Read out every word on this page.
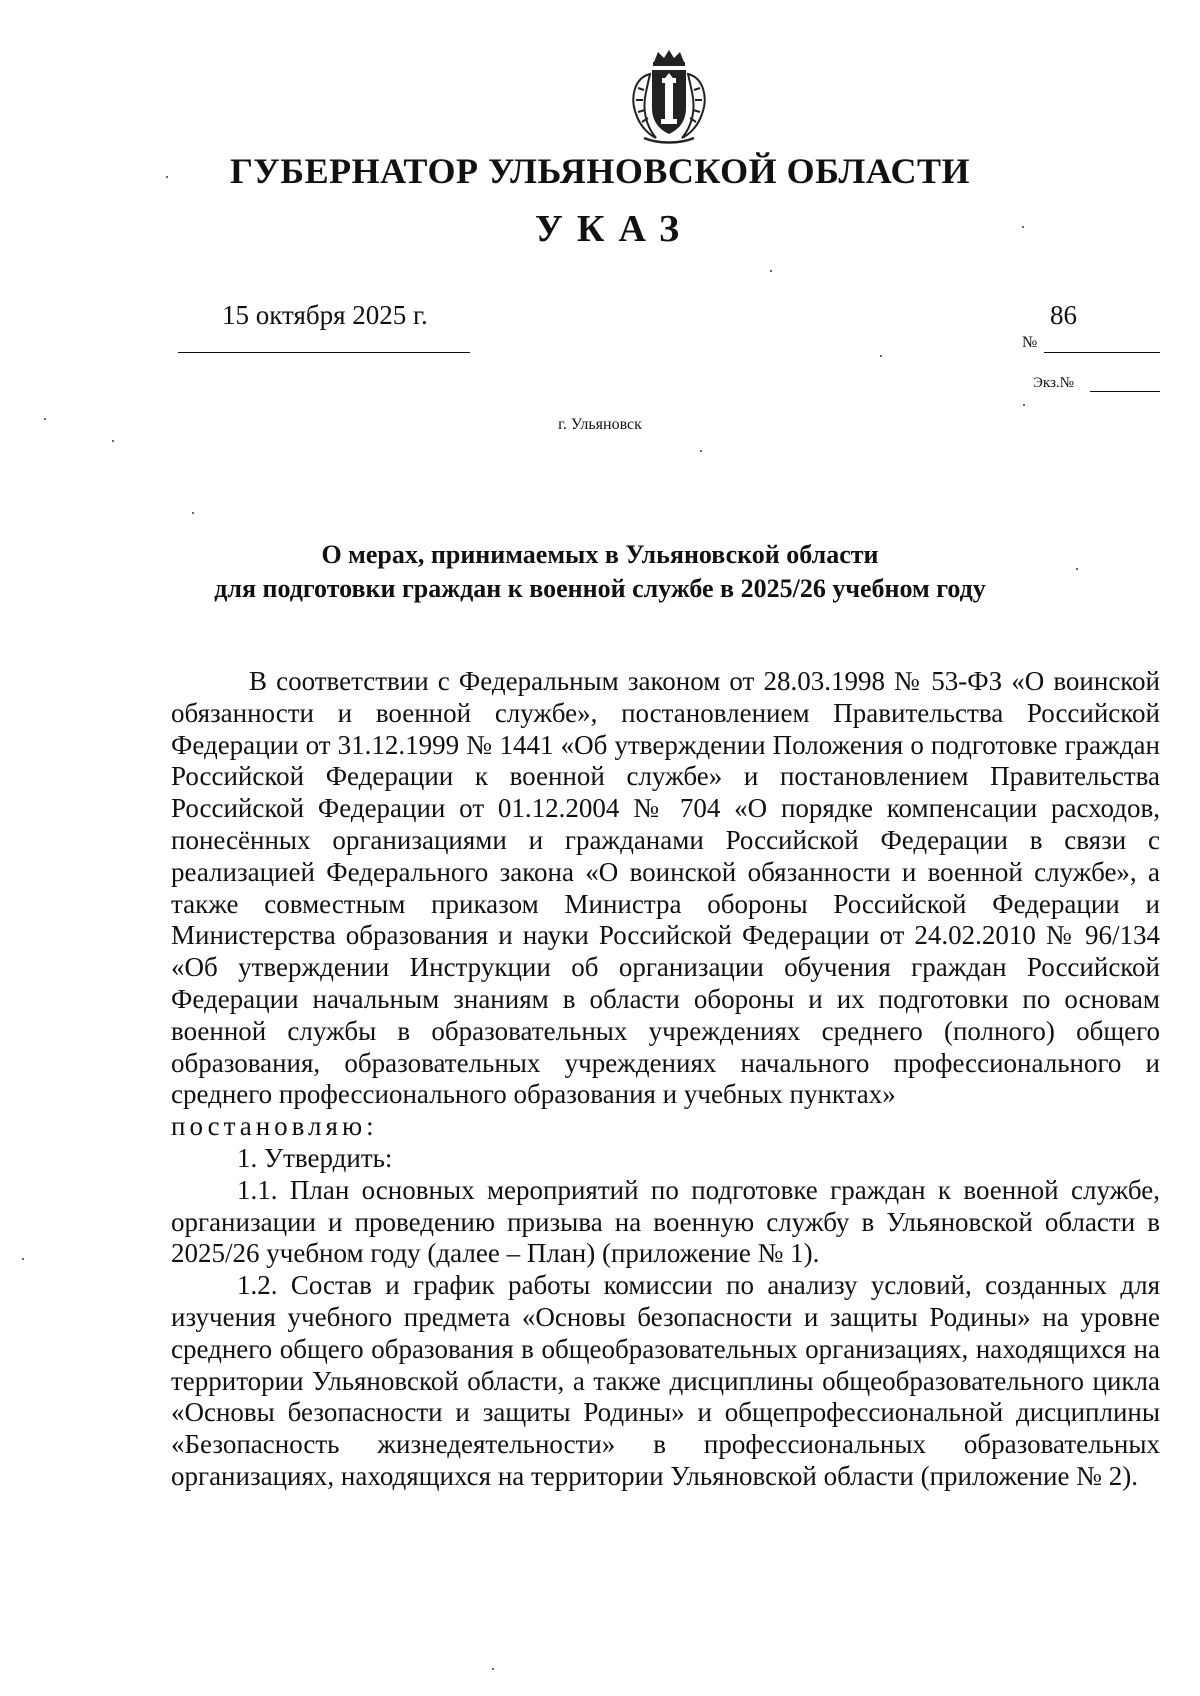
ГУБЕРНАТОР УЛЬЯНОВСКОЙ ОБЛАСТИ
УКАЗ
15 октября 2025 г.	86
№
Экз.№
г. Ульяновск
О мерах, принимаемых в Ульяновской области
для подготовки граждан к военной службе в 2025/26 учебном году

В соответствии с Федеральным законом от 28.03.1998 № 53-ФЗ «О воинской обязанности и военной службе», постановлением Правительства Российской Федерации от 31.12.1999 № 1441 «Об утверждении Положения о подготовке граждан Российской Федерации к военной службе» и постановлением Правительства Российской Федерации от 01.12.2004 № 704 «О порядке компенсации расходов, понесённых организациями и гражданами Российской Федерации в связи с реализацией Федерального закона «О воинской обязанности и военной службе», а также совместным приказом Министра обороны Российской Федерации и Министерства образования и науки Российской Федерации от 24.02.2010 № 96/134 «Об утверждении Инструкции об организации обучения граждан Российской Федерации начальным знаниям в области обороны и их подготовки по основам военной службы в образовательных учреждениях среднего (полного) общего образования, образовательных учреждениях начального профессионального и среднего профессионального образования и учебных пунктах»

постановляю:

1. Утвердить:

1.1. План основных мероприятий по подготовке граждан к военной службе, организации и проведению призыва на военную службу в Ульяновской области в 2025/26 учебном году (далее – План) (приложение № 1).

1.2. Состав и график работы комиссии по анализу условий, созданных для изучения учебного предмета «Основы безопасности и защиты Родины» на уровне среднего общего образования в общеобразовательных организациях, находящихся на территории Ульяновской области, а также дисциплины общеобразовательного цикла «Основы безопасности и защиты Родины» и общепрофессиональной дисциплины «Безопасность жизнедеятельности» в профессиональных образовательных организациях, находящихся на территории Ульяновской области (приложение № 2).
